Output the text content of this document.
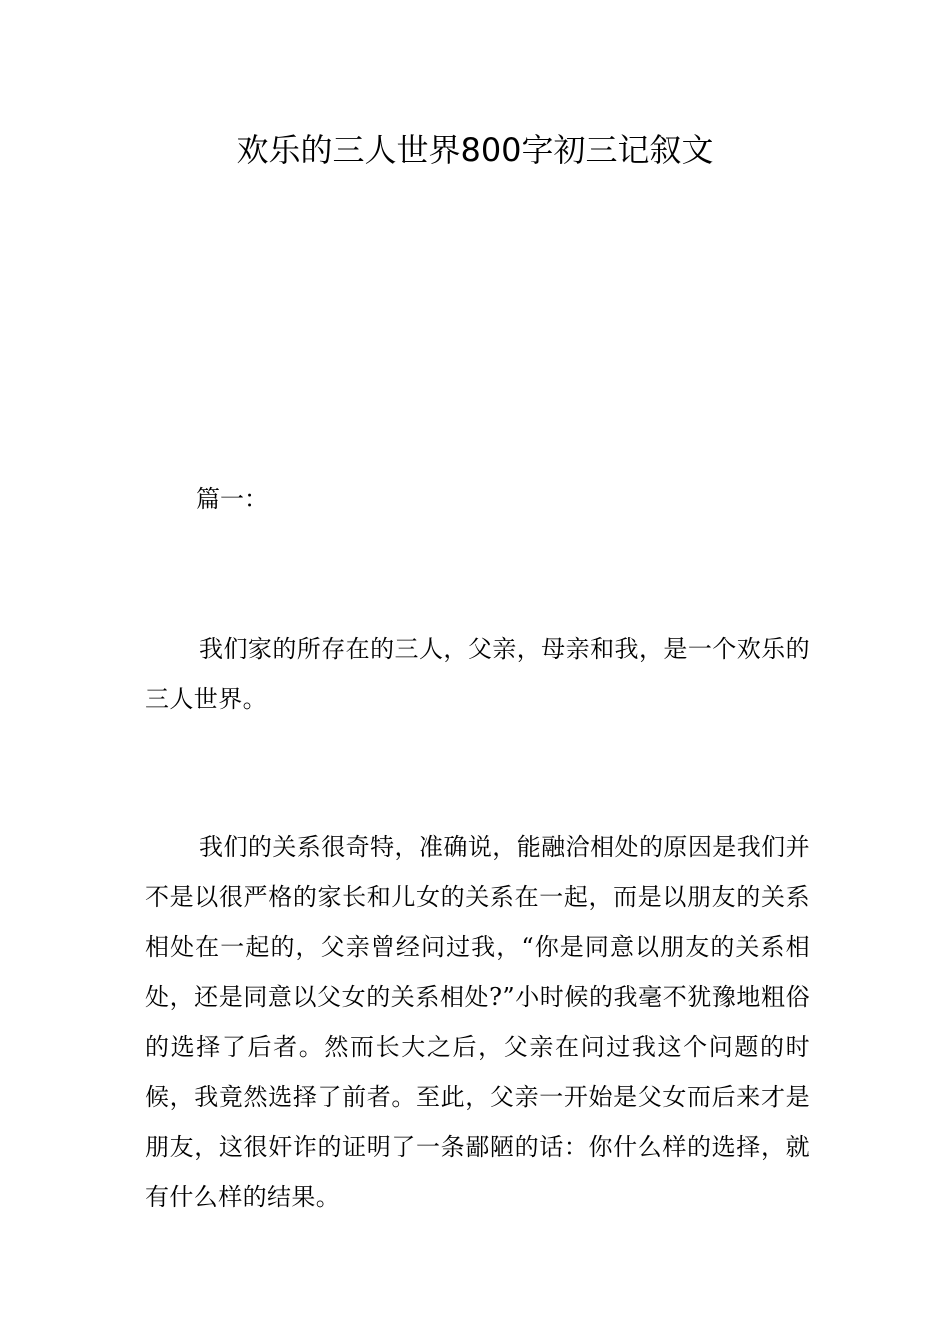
欢乐的三人世界800字初三记叙文

篇一：

我们家的所存在的三人，父亲，母亲和我，是一个欢乐的三人世界。

我们的关系很奇特，准确说，能融洽相处的原因是我们并不是以很严格的家长和儿女的关系在一起，而是以朋友的关系相处在一起的，父亲曾经问过我，“你是同意以朋友的关系相处，还是同意以父女的关系相处?”小时候的我毫不犹豫地粗俗的选择了后者。然而长大之后，父亲在问过我这个问题的时候，我竟然选择了前者。至此，父亲一开始是父女而后来才是朋友，这很奸诈的证明了一条鄙陋的话：你什么样的选择，就有什么样的结果。
